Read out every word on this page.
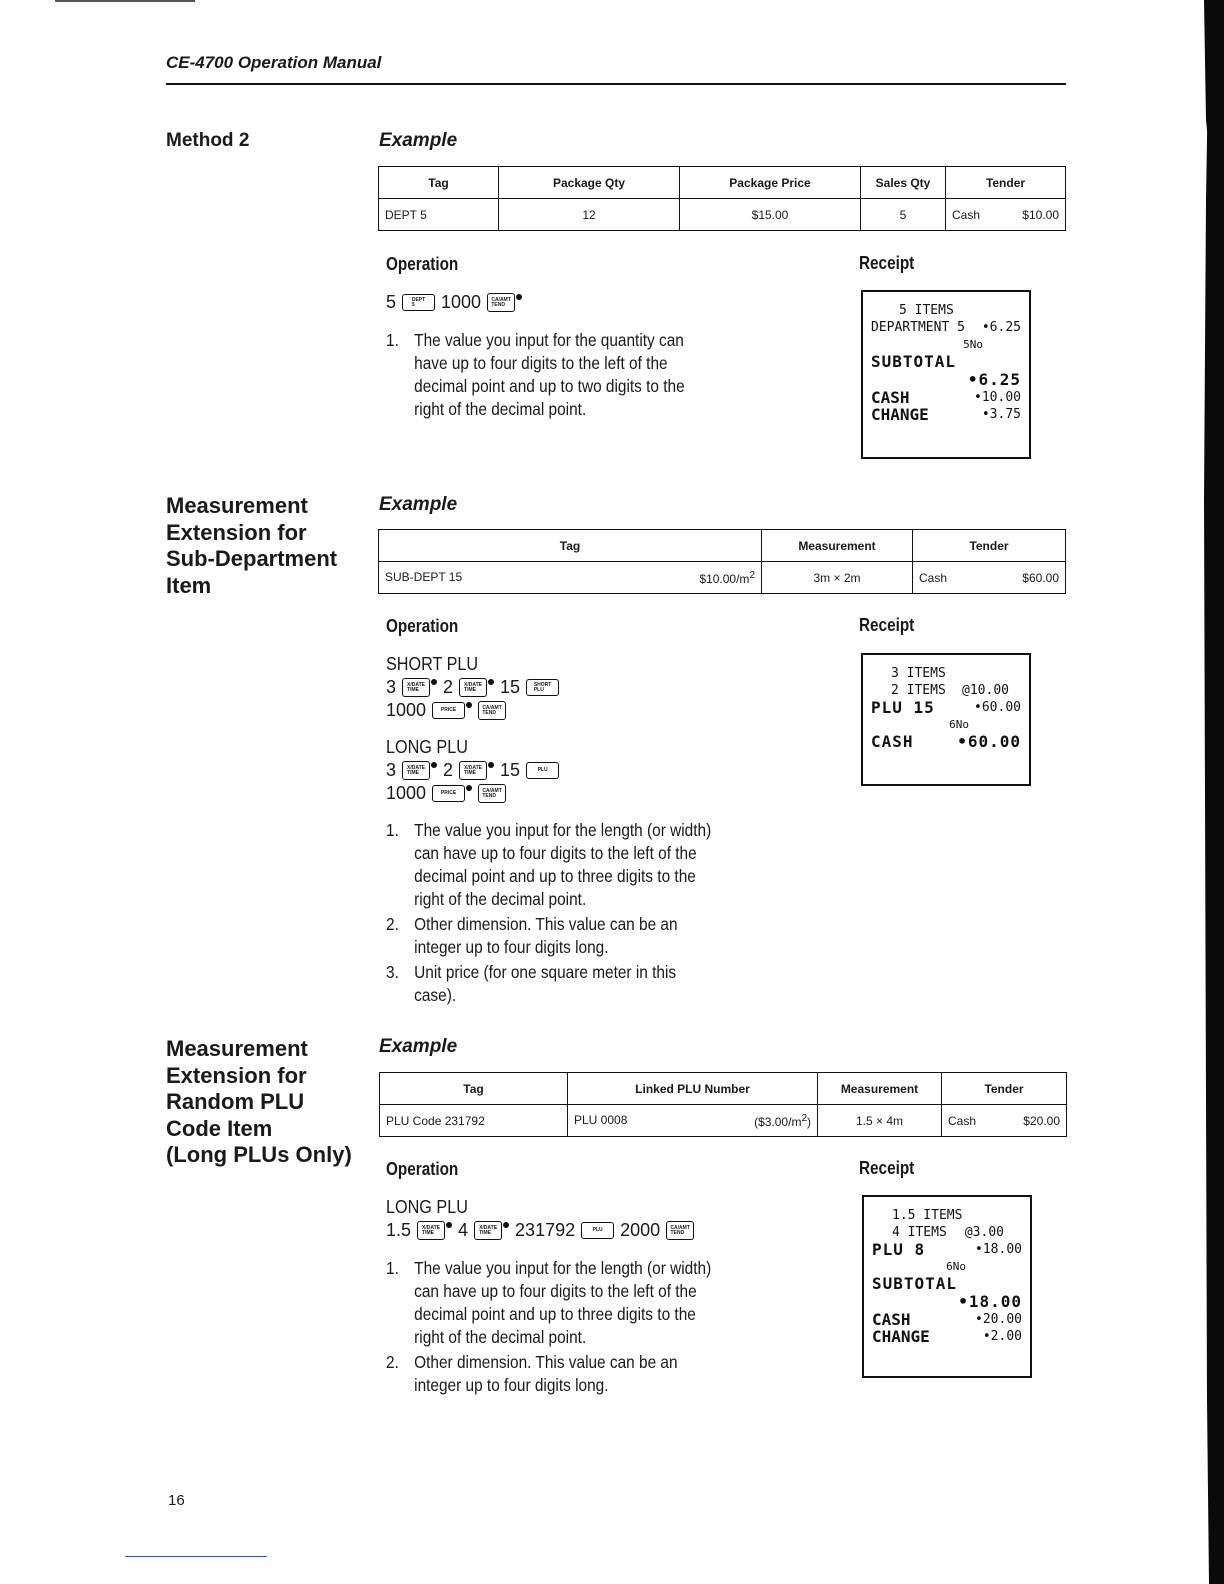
CE-4700 Operation Manual
Method 2	Example
Tag	Package Qty	Package Price	Sales Qty	Tender
DEPT 5	12	$15.00	5	Cash $10.00
Operation	Receipt
5	DEPT
5	1000	CA/AMT
TEND
1. The value you input for the quantity can have up to four digits to the left of the decimal point and up to two digits to the right of the decimal point.
5 ITEMS
DEPARTMENT 5 •6.25
5No
SUBTOTAL
•6.25
CASH	•10.00
CHANGE	•3.75
Measurement
Extension for
Sub-Department
Item
Example
Tag	Measurement	Tender

SUB-DEPT 15 $\$10.00/m^2$	3m × 2m	Cash $60.00
Operation	Receipt
SHORT PLU
3	X/DATE
TIME	2	X/DATE
TIME	15	SHORT
PLU
1000	PRICE	CA/AMT
TEND
LONG PLU
3	X/DATE
TIME	2	X/DATE
TIME	15	PLU
1000	PRICE	CA/AMT
TEND
1. The value you input for the length (or width) can have up to four digits to the left of the decimal point and up to three digits to the right of the decimal point.
2. Other dimension. This value can be an integer up to four digits long.
3. Unit price (for one square meter in this case).
3 ITEMS
2 ITEMS @10.00
PLU 15	•60.00
6No
CASH	•60.00
Measurement
Extension for
Random PLU
Code Item
(Long PLUs Only)
Example
Tag	Linked PLU Number	Measurement	Tender
PLU Code 231792	PLU 0008 $(\$3.00/m^2)$	1.5 × 4m	Cash $20.00
Operation	Receipt
LONG PLU
1.5	X/DATE
TIME	4	X/DATE
TIME	231792	PLU 2000	CA/AMT
TEND
1. The value you input for the length (or width) can have up to four digits to the left of the decimal point and up to three digits to the right of the decimal point.
2. Other dimension. This value can be an integer up to four digits long.
1.5 ITEMS
4 ITEMS @3.00
PLU 8	•18.00
6No
SUBTOTAL
•18.00
CASH	•20.00
CHANGE	•2.00
16
